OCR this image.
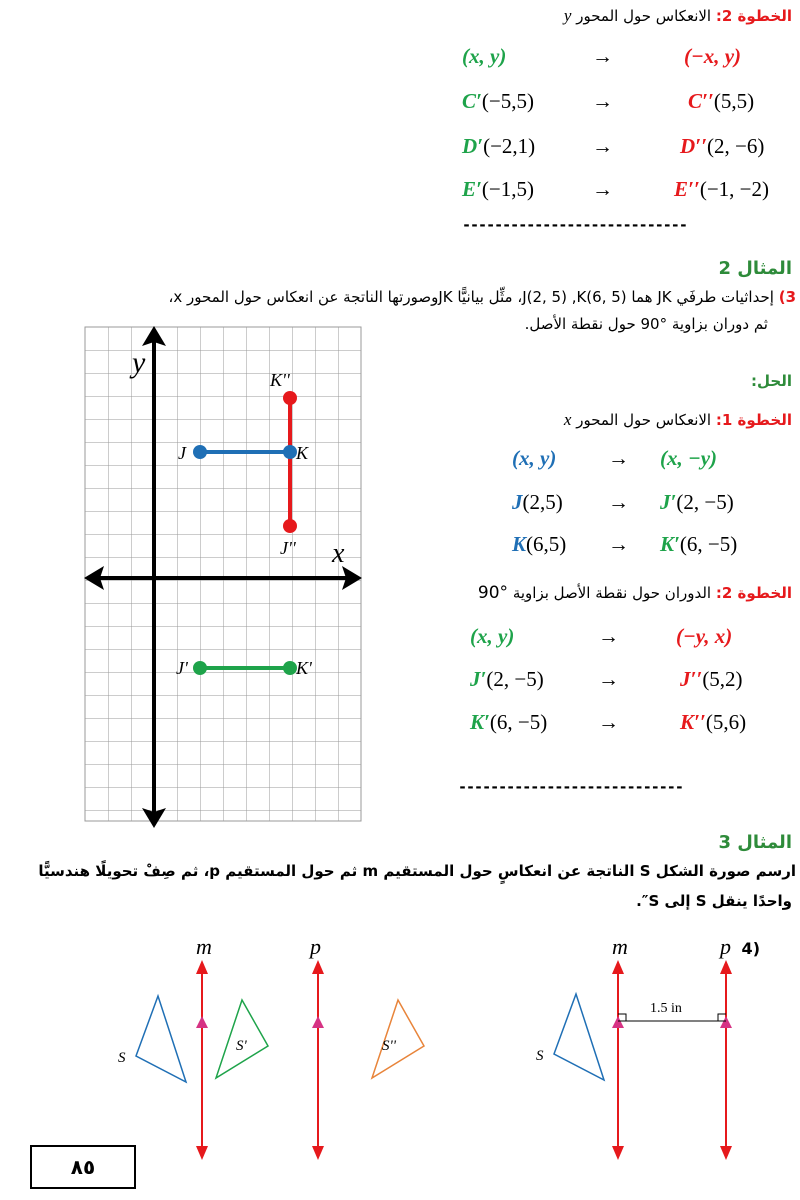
الخطوة 2: الانعكاس حول المحور y
(x, y)	→	(−x, y)
C′(−5,5)	→	C′′(5,5)
D′(−2,1)	→	D′′(2, −6)
E′(−1,5)	→	E′′(−1, −2)
----------------------------
المثال 2
3) إحداثيات طرفَي JK هما J(2, 5) ,K(6, 5)، مثِّل بيانيًّا JKوصورتها الناتجة عن انعكاس حول المحور x،
ثم دوران بزاوية °90 حول نقطة الأصل.
y
x
J	K
K''
J''
J'	K'
الحل:
الخطوة 1: الانعكاس حول المحور x
(x, y) → (x, −y)
J(2,5) → J′(2, −5)
K(6,5) → K′(6, −5)
الخطوة 2: الدوران حول نقطة الأصل بزاوية °90
(x, y)	→	(−y, x)
J′(2, −5)	→	J′′(5,2)
K′(6, −5) →	K′′(5,6)
----------------------------
المثال 3
ارسم صورة الشكل S الناتجة عن انعكاسٍ حول المستقيم m ثم حول المستقيم p، ثم صِفْ تحويلًا هندسيًّا
واحدًا ينقل S إلى S″.
m	p
S
S'	S''
m	p
1.5 in
S
(4
٨٥
